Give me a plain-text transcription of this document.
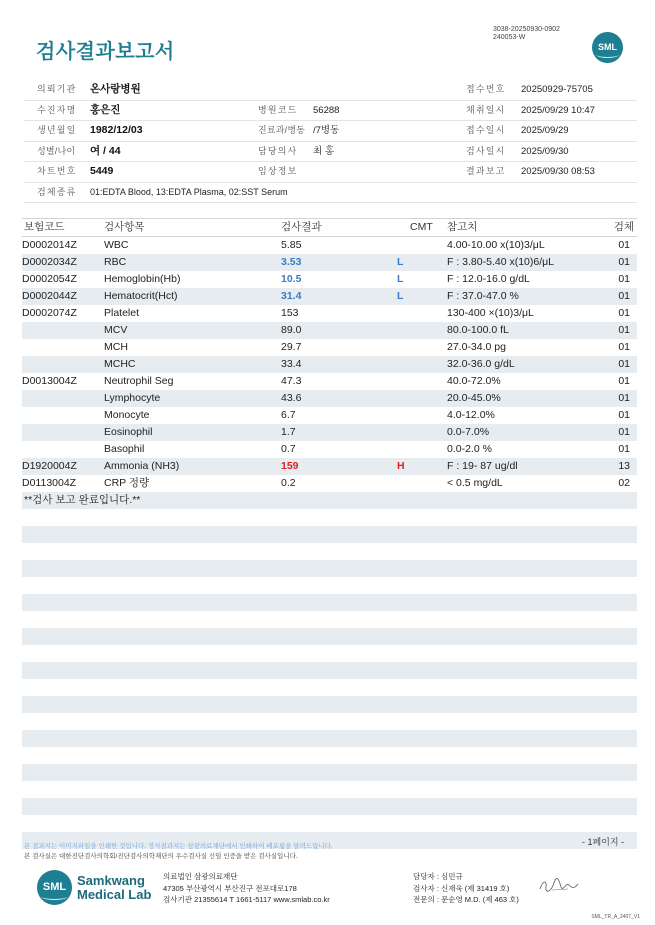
검사결과보고서
3038-20250930-0902
240053-W
SML
의뢰기관 온사랑병원	접수번호 20250929-75705
수진자명 홍은진	병원코드 56288	채취일시 2025/09/29 10:47
생년월일 1982/12/03	진료과/병동 /7병동	접수일시 2025/09/29
성별/나이 여 / 44	담당의사 최 홍	검사일시 2025/09/30
차트번호 5449	임상정보	결과보고 2025/09/30 08:53
검체종류 01:EDTA Blood, 13:EDTA Plasma, 02:SST Serum
보험코드	검사항목	검사결과	CMT 참고치	검체
D0002014Z	WBC	5.85	4.00-10.00 x(10)3/μL	01
D0002034Z	RBC	3.53	L	F : 3.80-5.40 x(10)6/μL	01
D0002054Z	Hemoglobin(Hb)	10.5	L	F : 12.0-16.0 g/dL	01
D0002044Z	Hematocrit(Hct)	31.4	L	F : 37.0-47.0 %	01
D0002074Z	Platelet	153	130-400 ×(10)3/μL	01
MCV	89.0	80.0-100.0 fL	01
MCH	29.7	27.0-34.0 pg	01
MCHC	33.4	32.0-36.0 g/dL	01
D0013004Z	Neutrophil Seg	47.3	40.0-72.0%	01
Lymphocyte	43.6	20.0-45.0%	01
Monocyte	6.7	4.0-12.0%	01
Eosinophil	1.7	0.0-7.0%	01
Basophil	0.7	0.0-2.0 %	01
D1920004Z	Ammonia (NH3)	159	H	F : 19- 87 ug/dl	13
D0113004Z	CRP 정량	0.2	< 0.5 mg/dL	02
**검사 보고 완료입니다.**
본 결과지는 이미지파일을 인쇄한 것입니다. 정식결과지는 삼광의료재단에서 인쇄하여 배포됨을 알려드립니다.	- 1페이지 -
본 검사실은 대한진단검사의학회/진단검사의학재단의 우수검사실 신임 인증을 받은 검사실입니다.
SML Samkwang
Medical Lab
의료법인 삼광의료재단
47305 부산광역시 부산진구 전포대로178
검사기관 21355614 T 1661-5117 www.smlab.co.kr
담당자 : 심민규
검사자 : 신재욱 (제 31419 호)
전문의 : 문순영 M.D. (제 463 호)
SML_TR_A_2407_V1
